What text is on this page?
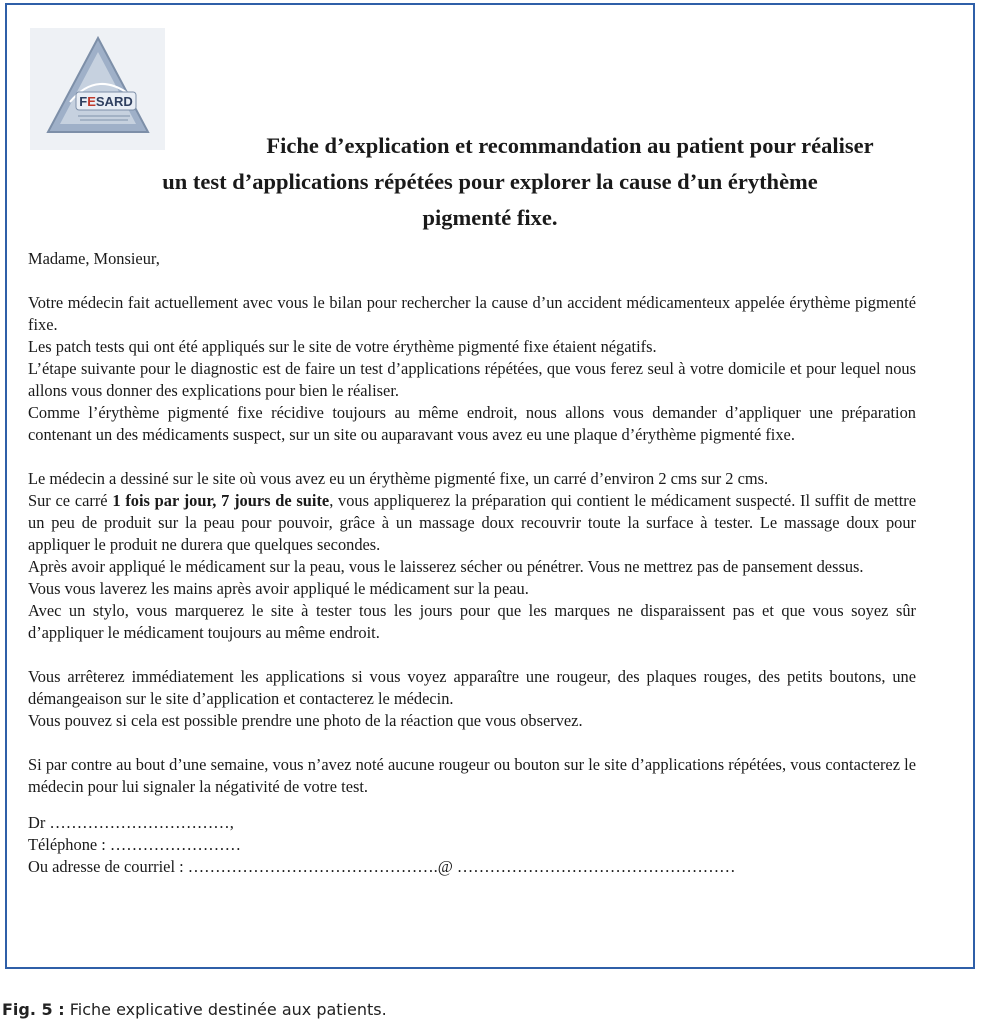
FESARD
Fiche d’explication et recommandation au patient pour réaliser
un test d’applications répétées pour explorer la cause d’un érythème
pigmenté fixe.

Madame, Monsieur,

Votre médecin fait actuellement avec vous le bilan pour rechercher la cause d’un accident médicamenteux appelée érythème pigmenté fixe.

Les patch tests qui ont été appliqués sur le site de votre érythème pigmenté fixe étaient négatifs.

L’étape suivante pour le diagnostic est de faire un test d’applications répétées, que vous ferez seul à votre domicile et pour lequel nous allons vous donner des explications pour bien le réaliser.

Comme l’érythème pigmenté fixe récidive toujours au même endroit, nous allons vous demander d’appliquer une préparation contenant un des médicaments suspect, sur un site ou auparavant vous avez eu une plaque d’érythème pigmenté fixe.

Le médecin a dessiné sur le site où vous avez eu un érythème pigmenté fixe, un carré d’environ 2 cms sur 2 cms.

Sur ce carré 1 fois par jour, 7 jours de suite, vous appliquerez la préparation qui contient le médicament suspecté. Il suffit de mettre un peu de produit sur la peau pour pouvoir, grâce à un massage doux recouvrir toute la surface à tester. Le massage doux pour appliquer le produit ne durera que quelques secondes.

Après avoir appliqué le médicament sur la peau, vous le laisserez sécher ou pénétrer. Vous ne mettrez pas de pansement dessus.

Vous vous laverez les mains après avoir appliqué le médicament sur la peau.

Avec un stylo, vous marquerez le site à tester tous les jours pour que les marques ne disparaissent pas et que vous soyez sûr d’appliquer le médicament toujours au même endroit.

Vous arrêterez immédiatement les applications si vous voyez apparaître une rougeur, des plaques rouges, des petits boutons, une démangeaison sur le site d’application et contacterez le médecin.

Vous pouvez si cela est possible prendre une photo de la réaction que vous observez.

Si par contre au bout d’une semaine, vous n’avez noté aucune rougeur ou bouton sur le site d’applications répétées, vous contacterez le médecin pour lui signaler la négativité de votre test.

Dr ……………………………,
Téléphone : ……………………
Ou adresse de courriel : ……………………………………….@ ……………………………………………
Fig. 5 : Fiche explicative destinée aux patients.
